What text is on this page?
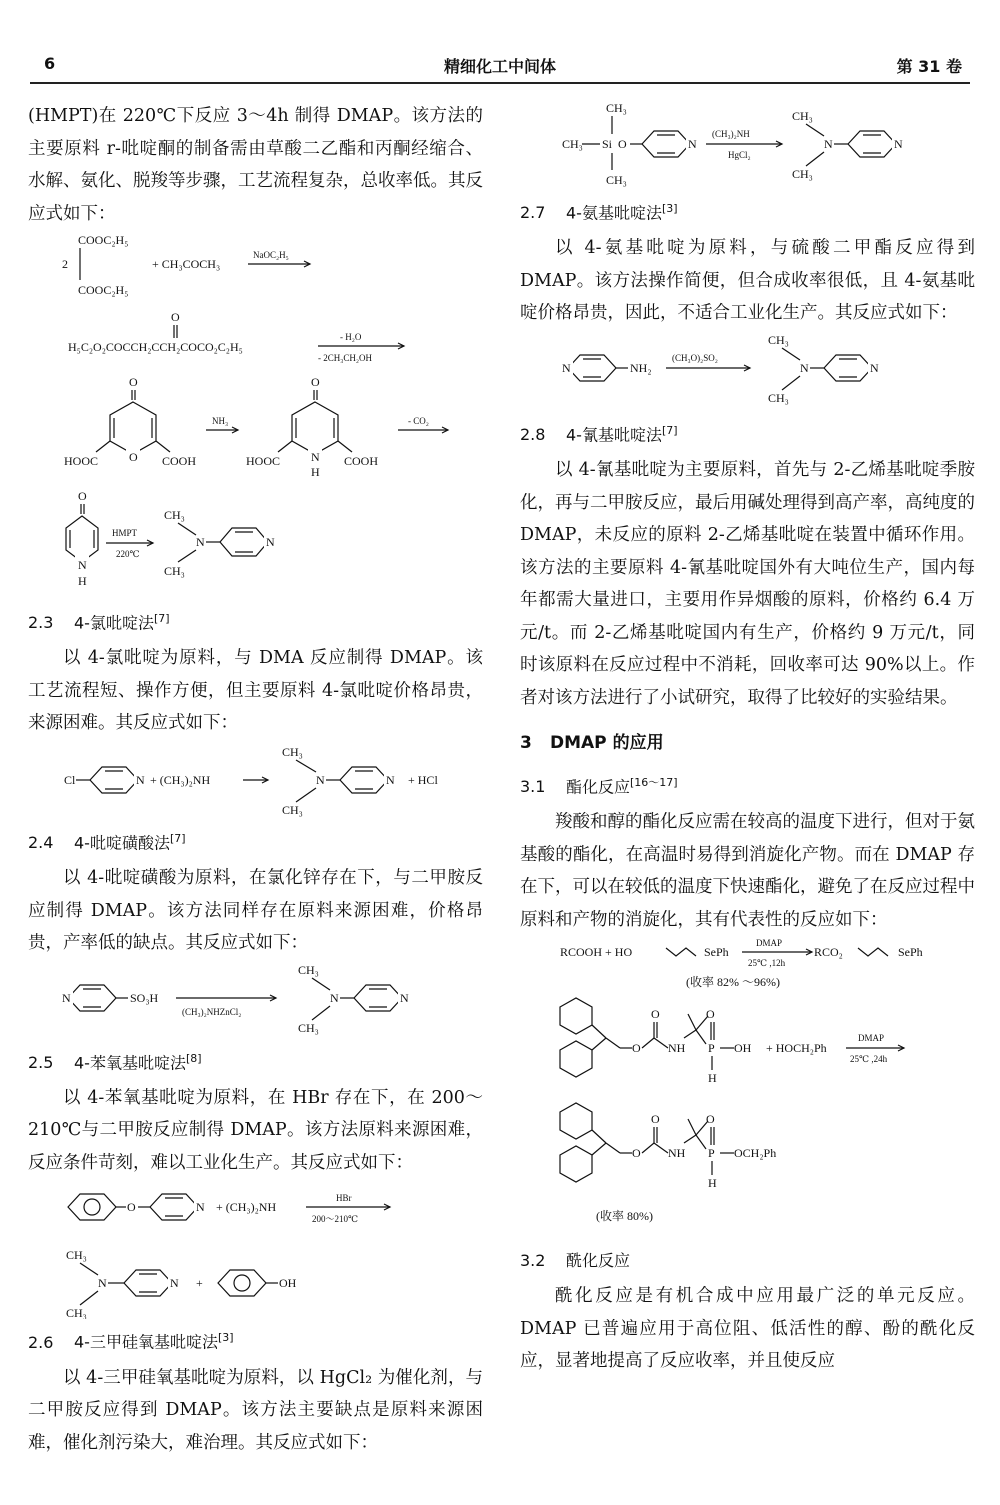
6	精细化工中间体	第 31 卷

(HMPT)在 220℃下反应 3～4h 制得 DMAP。该方法的主要原料 r-吡啶酮的制备需由草酸二乙酯和丙酮经缩合、水解、氨化、脱羧等步骤，工艺流程复杂，总收率低。其反应式如下：

COOC₂H₅
2
COOC₂H₅
+ CH₃COCH₃
NaOC₂H₅
O
H₅C₂O₂COCCH₂CCH₂COCO₂C₂H₅
- H₂O
- 2CH₃CH₂OH
O
O
HOOC	COOH
NH₃
O
N
H
HOOC	COOH
- CO₂
O
N
H
HMPT
220℃
CH₃
N
CH₃
N
2.3 4-氯吡啶法[7]

以 4-氯吡啶为原料，与 DMA 反应制得 DMAP。该工艺流程短、操作方便，但主要原料 4-氯吡啶价格昂贵，来源困难。其反应式如下：

Cl	N + (CH₃)₂NH
CH₃
N
CH₃
N + HCl
2.4 4-吡啶磺酸法[7]

以 4-吡啶磺酸为原料，在氯化锌存在下，与二甲胺反应制得 DMAP。该方法同样存在原料来源困难，价格昂贵，产率低的缺点。其反应式如下：

N	SO₃H
(CH₃)₂NHZnCl₂
CH₃
N
CH₃
N
2.5 4-苯氧基吡啶法[8]

以 4-苯氧基吡啶为原料，在 HBr 存在下，在 200～210℃与二甲胺反应制得 DMAP。该方法原料来源困难，反应条件苛刻，难以工业化生产。其反应式如下：

O	N + (CH₃)₂NH
HBr
200～210℃
CH₃
N
CH₃
N +	OH
2.6 4-三甲硅氧基吡啶法[3]

以 4-三甲硅氧基吡啶为原料，以 HgCl₂ 为催化剂，与二甲胺反应得到 DMAP。该方法主要缺点是原料来源困难，催化剂污染大，难治理。其反应式如下：

CH₃
CH₃ Si O
CH₃
N
(CH₃)₂NH
HgCl₂
CH₃
N
CH₃
N
2.7 4-氨基吡啶法[3]

以 4-氨基吡啶为原料，与硫酸二甲酯反应得到 DMAP。该方法操作简便，但合成收率很低，且 4-氨基吡啶价格昂贵，因此，不适合工业化生产。其反应式如下：

N	NH₂
(CH₃O)₂SO₂
CH₃
N
CH₃
N
2.8 4-氰基吡啶法[7]

以 4-氰基吡啶为主要原料，首先与 2-乙烯基吡啶季胺化，再与二甲胺反应，最后用碱处理得到高产率，高纯度的 DMAP，未反应的原料 2-乙烯基吡啶在装置中循环作用。该方法的主要原料 4-氰基吡啶国外有大吨位生产，国内每年都需大量进口，主要用作异烟酸的原料，价格约 6.4 万元/t。而 2-乙烯基吡啶国内有生产，价格约 9 万元/t，同时该原料在反应过程中不消耗，回收率可达 90%以上。作者对该方法进行了小试研究，取得了比较好的实验结果。

3 DMAP 的应用
3.1 酯化反应[16～17]

羧酸和醇的酯化反应需在较高的温度下进行，但对于氨基酸的酯化，在高温时易得到消旋化产物。而在 DMAP 存在下，可以在较低的温度下快速酯化，避免了在反应过程中原料和产物的消旋化，其有代表性的反应如下：

RCOOH + HO	SePh
DMAP
25℃ ,12h
RCO₂	SePh
(收率 82% ～96%)
O
O
NH
O
P OH
H
+ HOCH₂Ph
DMAP
25℃ ,24h
O
O
NH
O
P OCH₂Ph
H
(收率 80%)
3.2 酰化反应

酰化反应是有机合成中应用最广泛的单元反应。DMAP 已普遍应用于高位阻、低活性的醇、酚的酰化反应，显著地提高了反应收率，并且使反应
